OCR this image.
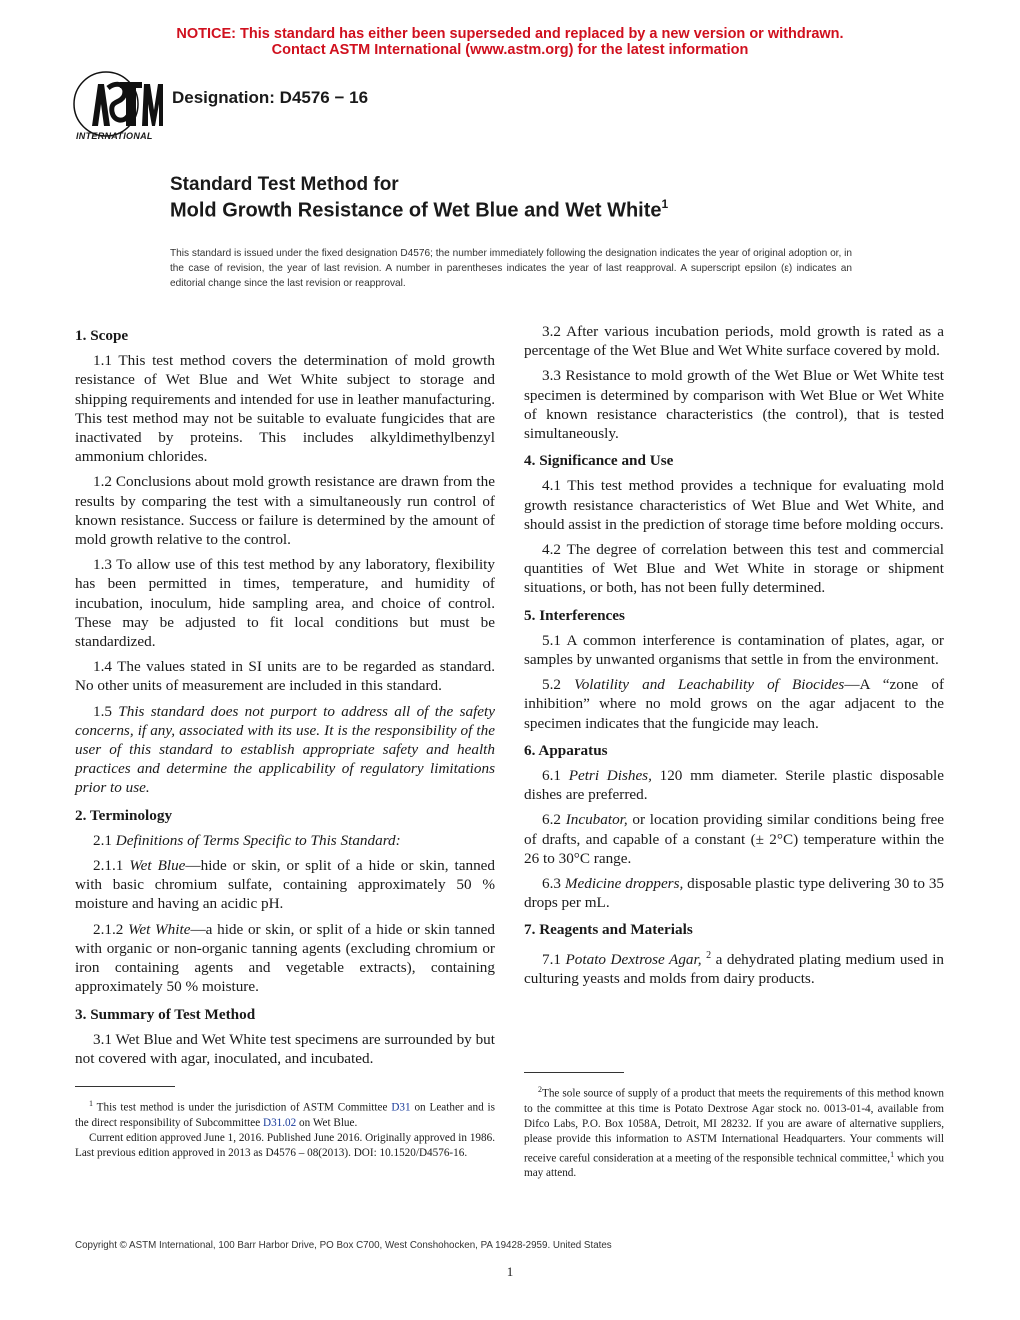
NOTICE: This standard has either been superseded and replaced by a new version or withdrawn.
Contact ASTM International (www.astm.org) for the latest information
INTERNATIONAL
Designation: D4576 − 16
Standard Test Method for
Mold Growth Resistance of Wet Blue and Wet White$^1$
This standard is issued under the fixed designation D4576; the number immediately following the designation indicates the year of original adoption or, in the case of revision, the year of last revision. A number in parentheses indicates the year of last reapproval. A superscript epsilon (ε) indicates an editorial change since the last revision or reapproval.
1. Scope

1.1 This test method covers the determination of mold growth resistance of Wet Blue and Wet White subject to storage and shipping requirements and intended for use in leather manufacturing. This test method may not be suitable to evaluate fungicides that are inactivated by proteins. This includes alkyldimethylbenzyl ammonium chlorides.

1.2 Conclusions about mold growth resistance are drawn from the results by comparing the test with a simultaneously run control of known resistance. Success or failure is determined by the amount of mold growth relative to the control.

1.3 To allow use of this test method by any laboratory, flexibility has been permitted in times, temperature, and humidity of incubation, inoculum, hide sampling area, and choice of control. These may be adjusted to fit local conditions but must be standardized.

1.4 The values stated in SI units are to be regarded as standard. No other units of measurement are included in this standard.

1.5 This standard does not purport to address all of the safety concerns, if any, associated with its use. It is the responsibility of the user of this standard to establish appropriate safety and health practices and determine the applicability of regulatory limitations prior to use.

2. Terminology

2.1 Definitions of Terms Specific to This Standard:

2.1.1 Wet Blue—hide or skin, or split of a hide or skin, tanned with basic chromium sulfate, containing approximately 50 % moisture and having an acidic pH.

2.1.2 Wet White—a hide or skin, or split of a hide or skin tanned with organic or non-organic tanning agents (excluding chromium or iron containing agents and vegetable extracts), containing approximately 50 % moisture.

3. Summary of Test Method

3.1 Wet Blue and Wet White test specimens are surrounded by but not covered with agar, inoculated, and incubated.

3.2 After various incubation periods, mold growth is rated as a percentage of the Wet Blue and Wet White surface covered by mold.

3.3 Resistance to mold growth of the Wet Blue or Wet White test specimen is determined by comparison with Wet Blue or Wet White of known resistance characteristics (the control), that is tested simultaneously.

4. Significance and Use

4.1 This test method provides a technique for evaluating mold growth resistance characteristics of Wet Blue and Wet White, and should assist in the prediction of storage time before molding occurs.

4.2 The degree of correlation between this test and commercial quantities of Wet Blue and Wet White in storage or shipment situations, or both, has not been fully determined.

5. Interferences

5.1 A common interference is contamination of plates, agar, or samples by unwanted organisms that settle in from the environment.

5.2 Volatility and Leachability of Biocides—A “zone of inhibition” where no mold grows on the agar adjacent to the specimen indicates that the fungicide may leach.

6. Apparatus

6.1 Petri Dishes, 120 mm diameter. Sterile plastic disposable dishes are preferred.

6.2 Incubator, or location providing similar conditions being free of drafts, and capable of a constant (± 2°C) temperature within the 26 to 30°C range.

6.3 Medicine droppers, disposable plastic type delivering 30 to 35 drops per mL.

7. Reagents and Materials

7.1 Potato Dextrose Agar, $^2$ a dehydrated plating medium used in culturing yeasts and molds from dairy products.

$^1$ This test method is under the jurisdiction of ASTM Committee D31 on Leather and is the direct responsibility of Subcommittee D31.02 on Wet Blue.

Current edition approved June 1, 2016. Published June 2016. Originally approved in 1986. Last previous edition approved in 2013 as D4576 – 08(2013). DOI: 10.1520/D4576-16.

$^2$The sole source of supply of a product that meets the requirements of this method known to the committee at this time is Potato Dextrose Agar stock no. 0013-01-4, available from Difco Labs, P.O. Box 1058A, Detroit, MI 28232. If you are aware of alternative suppliers, please provide this information to ASTM International Headquarters. Your comments will receive careful consideration at a meeting of the responsible technical committee,$^1$ which you may attend.

Copyright © ASTM International, 100 Barr Harbor Drive, PO Box C700, West Conshohocken, PA 19428-2959. United States
1
